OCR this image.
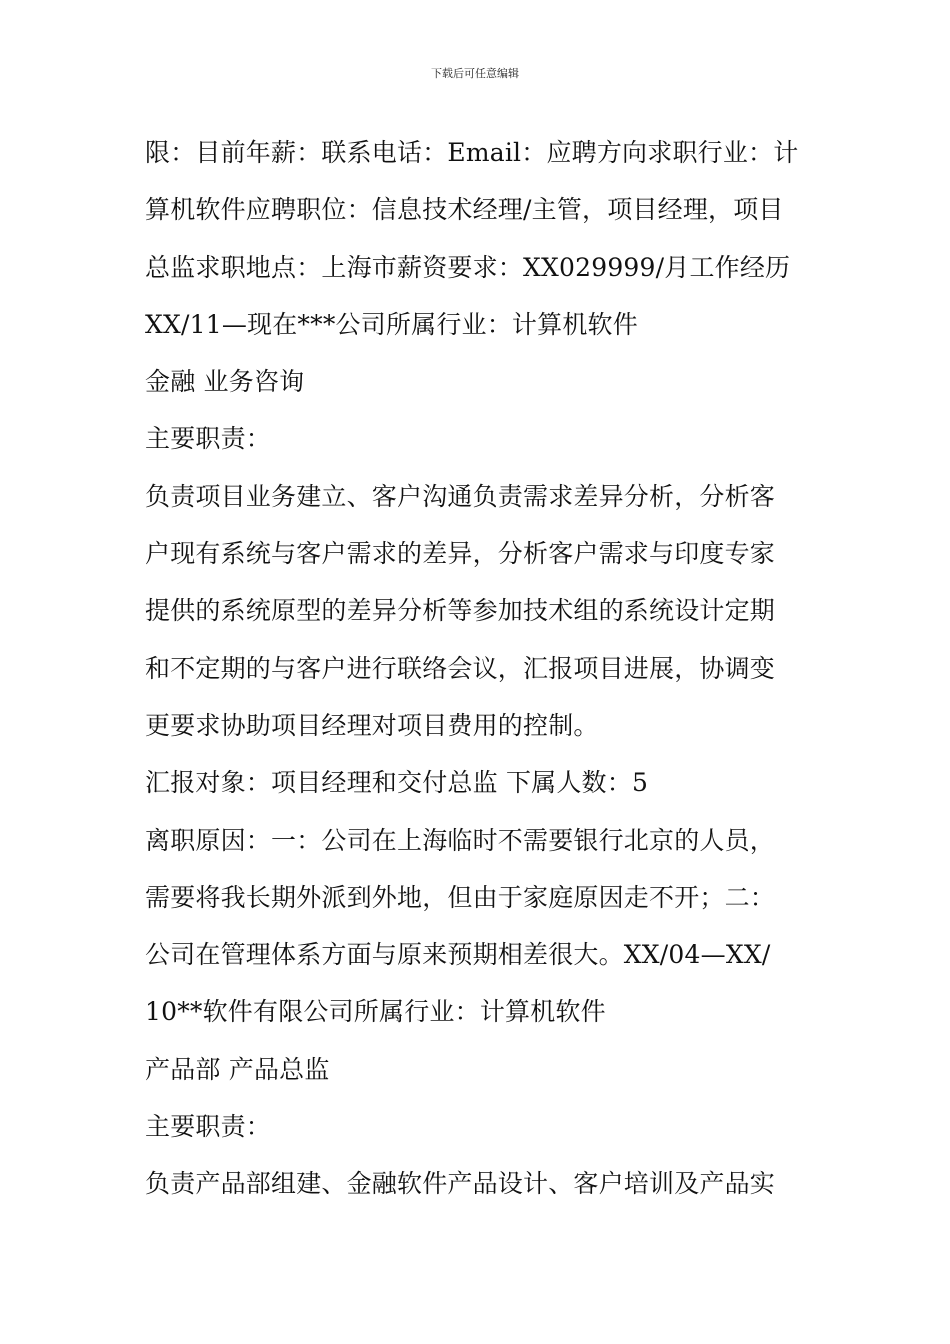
下载后可任意编辑
限：目前年薪：联系电话：Email：应聘方向求职行业：计
算机软件应聘职位：信息技术经理/主管，项目经理，项目
总监求职地点：上海市薪资要求：XX029999/月工作经历
XX/11—现在***公司所属行业：计算机软件
金融 业务咨询
主要职责：
负责项目业务建立、客户沟通负责需求差异分析，分析客
户现有系统与客户需求的差异，分析客户需求与印度专家
提供的系统原型的差异分析等参加技术组的系统设计定期
和不定期的与客户进行联络会议，汇报项目进展，协调变
更要求协助项目经理对项目费用的控制。
汇报对象：项目经理和交付总监 下属人数：5
离职原因：一：公司在上海临时不需要银行北京的人员，
需要将我长期外派到外地，但由于家庭原因走不开；二：
公司在管理体系方面与原来预期相差很大。XX/04—XX/
10**软件有限公司所属行业：计算机软件
产品部 产品总监
主要职责：
负责产品部组建、金融软件产品设计、客户培训及产品实
